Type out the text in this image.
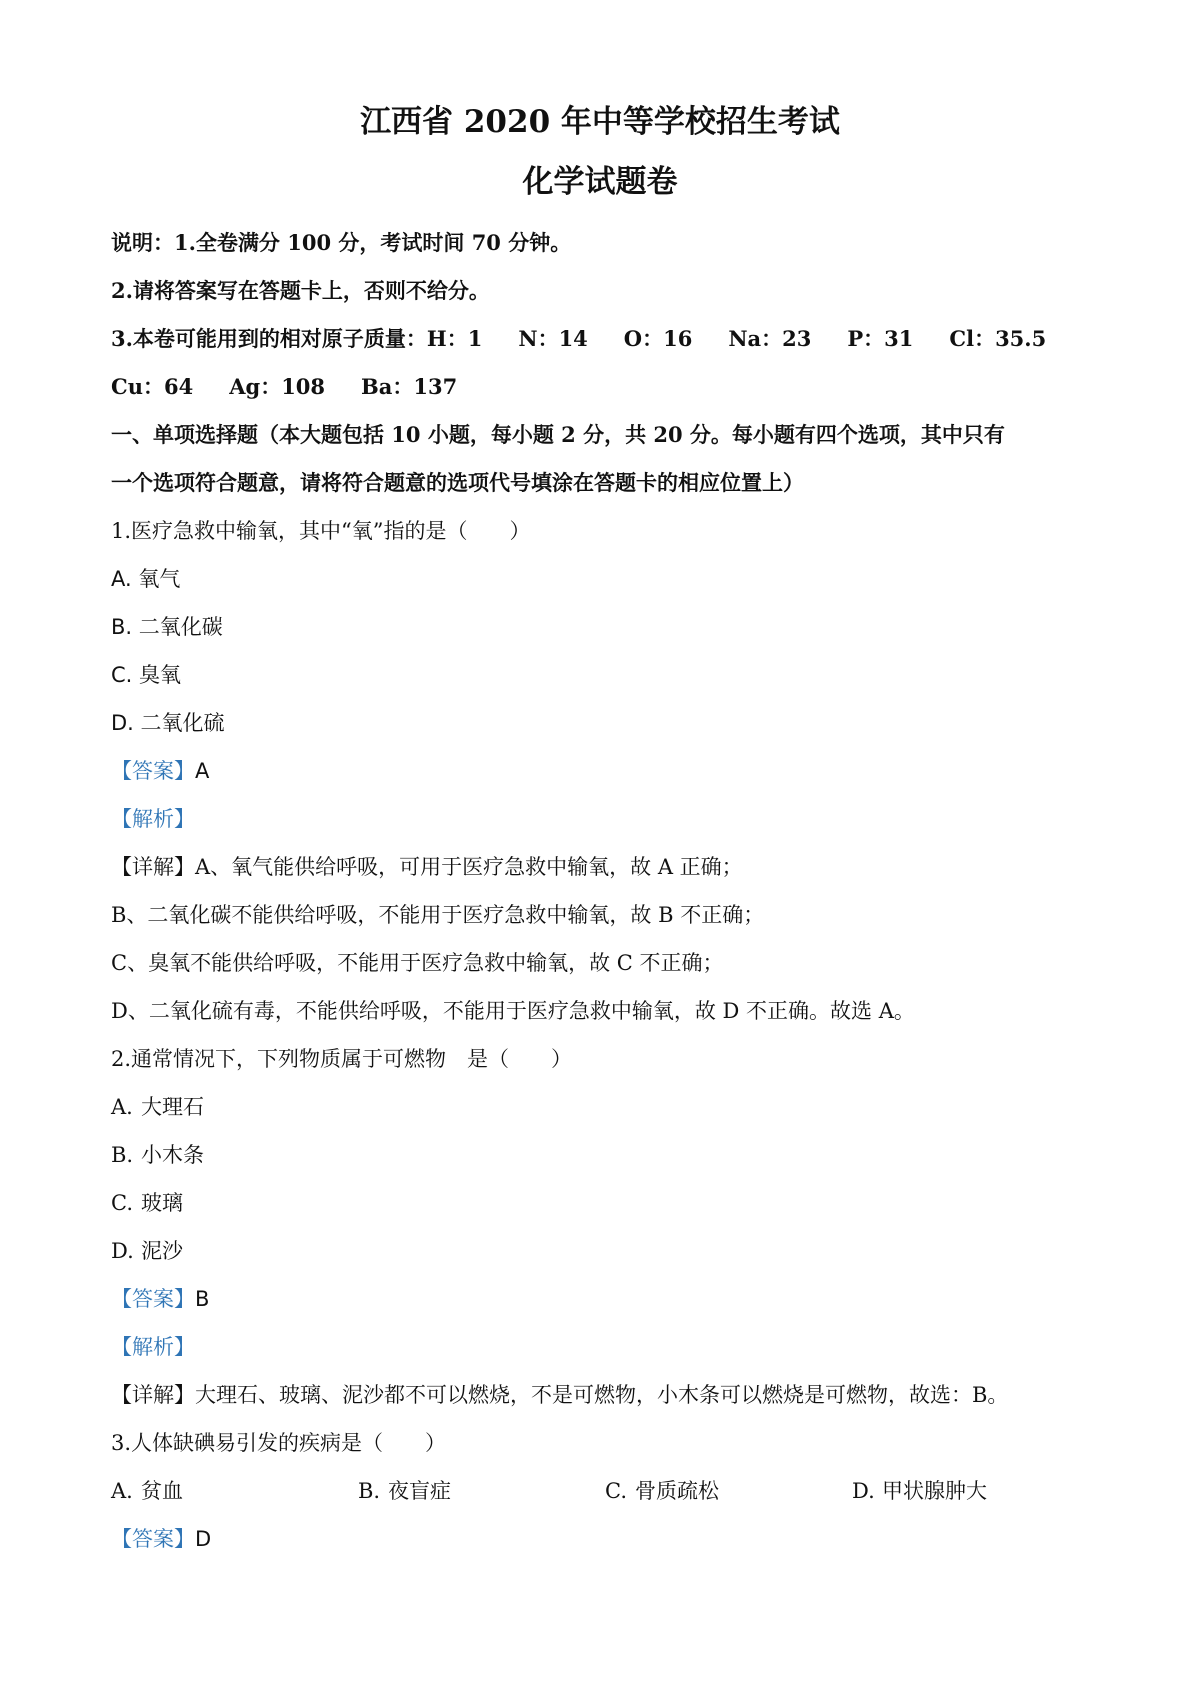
江西省 2020 年中等学校招生考试
化学试题卷
说明：1.全卷满分 100 分，考试时间 70 分钟。
2.请将答案写在答题卡上，否则不给分。
3.本卷可能用到的相对原子质量：H：1 N：14 O：16 Na：23 P：31 Cl：35.5
Cu：64 Ag：108 Ba：137
一、单项选择题（本大题包括 10 小题，每小题 2 分，共 20 分。每小题有四个选项，其中只有
一个选项符合题意，请将符合题意的选项代号填涂在答题卡的相应位置上）
1.医疗急救中输氧，其中“氧”指的是（　　）
A. 氧气
B. 二氧化碳
C. 臭氧
D. 二氧化硫
【答案】A
【解析】
【详解】A、氧气能供给呼吸，可用于医疗急救中输氧，故 A 正确；
B、二氧化碳不能供给呼吸，不能用于医疗急救中输氧，故 B 不正确；
C、臭氧不能供给呼吸，不能用于医疗急救中输氧，故 C 不正确；
D、二氧化硫有毒，不能供给呼吸，不能用于医疗急救中输氧，故 D 不正确。故选 A。
2.通常情况下，下列物质属于可燃物　是（　　）
A. 大理石
B. 小木条
C. 玻璃
D. 泥沙
【答案】B
【解析】
【详解】大理石、玻璃、泥沙都不可以燃烧，不是可燃物，小木条可以燃烧是可燃物，故选：B。
3.人体缺碘易引发的疾病是（　　）
A. 贫血	B. 夜盲症	C. 骨质疏松	D. 甲状腺肿大
【答案】D
